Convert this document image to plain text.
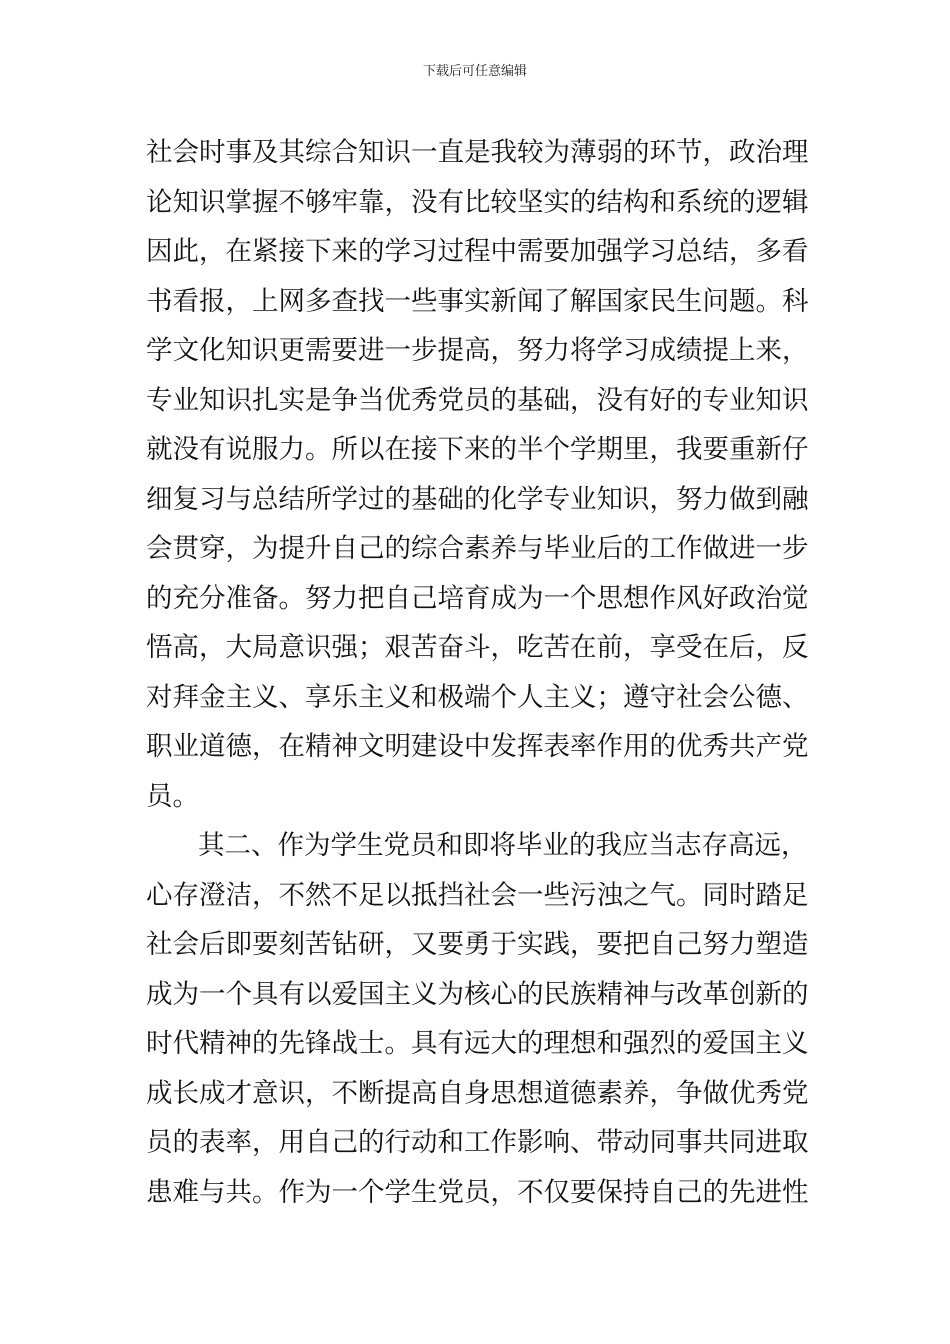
下载后可任意编辑
社会时事及其综合知识一直是我较为薄弱的环节，政治理
论知识掌握不够牢靠，没有比较坚实的结构和系统的逻辑
因此，在紧接下来的学习过程中需要加强学习总结，多看
书看报，上网多查找一些事实新闻了解国家民生问题。科
学文化知识更需要进一步提高，努力将学习成绩提上来，
专业知识扎实是争当优秀党员的基础，没有好的专业知识
就没有说服力。所以在接下来的半个学期里，我要重新仔
细复习与总结所学过的基础的化学专业知识，努力做到融
会贯穿，为提升自己的综合素养与毕业后的工作做进一步
的充分准备。努力把自己培育成为一个思想作风好政治觉
悟高，大局意识强；艰苦奋斗，吃苦在前，享受在后，反
对拜金主义、享乐主义和极端个人主义；遵守社会公德、
职业道德，在精神文明建设中发挥表率作用的优秀共产党
员。
其二、作为学生党员和即将毕业的我应当志存高远，
心存澄洁，不然不足以抵挡社会一些污浊之气。同时踏足
社会后即要刻苦钻研，又要勇于实践，要把自己努力塑造
成为一个具有以爱国主义为核心的民族精神与改革创新的
时代精神的先锋战士。具有远大的理想和强烈的爱国主义
成长成才意识，不断提高自身思想道德素养，争做优秀党
员的表率，用自己的行动和工作影响、带动同事共同进取
患难与共。作为一个学生党员，不仅要保持自己的先进性
